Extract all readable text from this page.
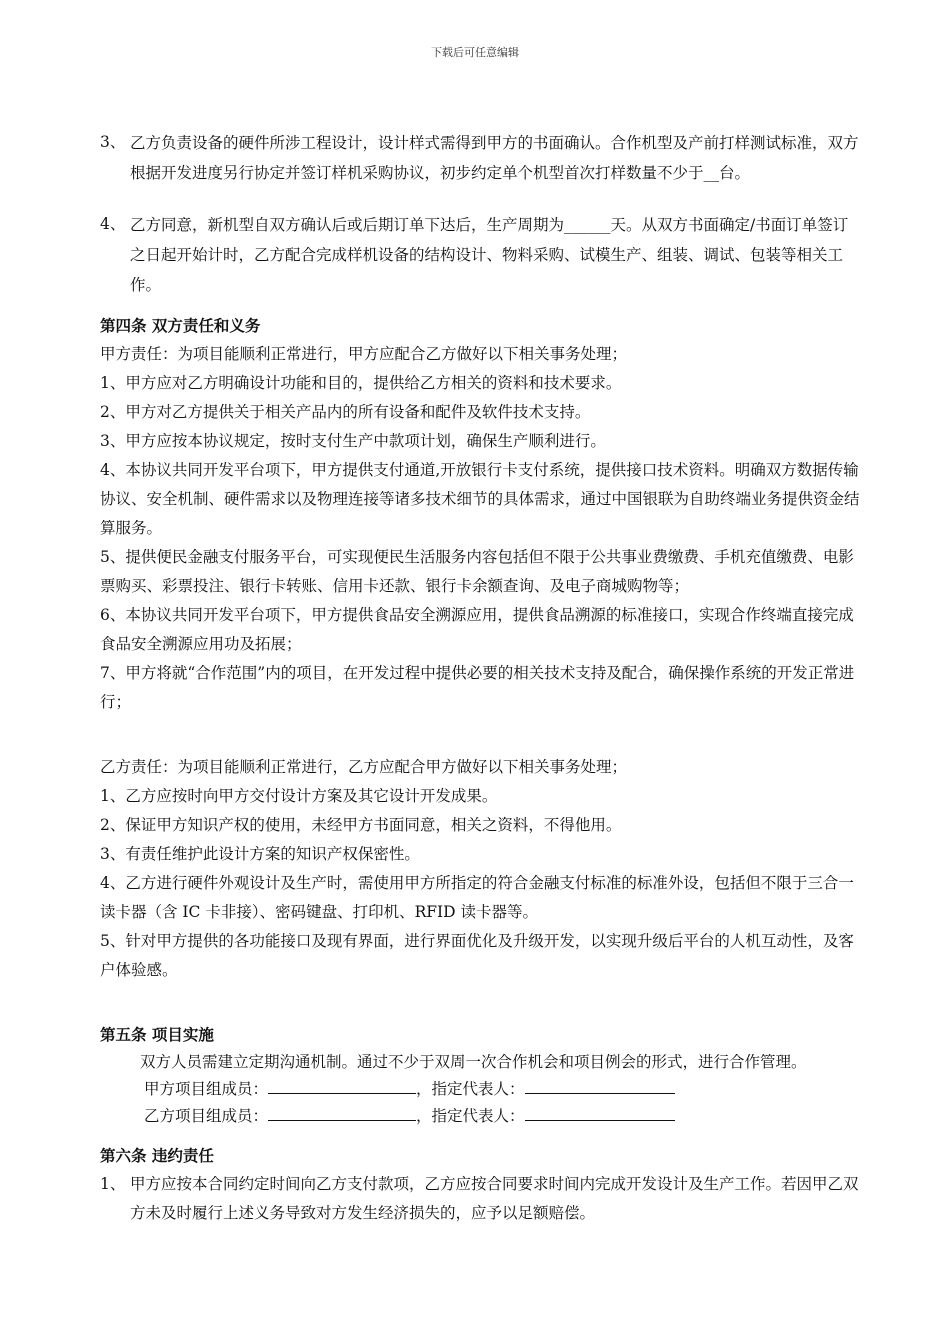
下载后可任意编辑
3、 乙方负责设备的硬件所涉工程设计，设计样式需得到甲方的书面确认。合作机型及产前打样测试标准，双方根据开发进度另行协定并签订样机采购协议，初步约定单个机型首次打样数量不少于__台。
4、 乙方同意，新机型自双方确认后或后期订单下达后，生产周期为______天。从双方书面确定/书面订单签订之日起开始计时，乙方配合完成样机设备的结构设计、物料采购、试模生产、组装、调试、包装等相关工作。
第四条 双方责任和义务
甲方责任：为项目能顺利正常进行，甲方应配合乙方做好以下相关事务处理；
1、甲方应对乙方明确设计功能和目的，提供给乙方相关的资料和技术要求。
2、甲方对乙方提供关于相关产品内的所有设备和配件及软件技术支持。
3、甲方应按本协议规定，按时支付生产中款项计划，确保生产顺利进行。
4、本协议共同开发平台项下，甲方提供支付通道,开放银行卡支付系统，提供接口技术资料。明确双方数据传输协议、安全机制、硬件需求以及物理连接等诸多技术细节的具体需求，通过中国银联为自助终端业务提供资金结算服务。
5、提供便民金融支付服务平台，可实现便民生活服务内容包括但不限于公共事业费缴费、手机充值缴费、电影票购买、彩票投注、银行卡转账、信用卡还款、银行卡余额查询、及电子商城购物等；
6、本协议共同开发平台项下，甲方提供食品安全溯源应用，提供食品溯源的标准接口，实现合作终端直接完成食品安全溯源应用功及拓展；
7、甲方将就“合作范围”内的项目，在开发过程中提供必要的相关技术支持及配合，确保操作系统的开发正常进行；
乙方责任：为项目能顺利正常进行，乙方应配合甲方做好以下相关事务处理；
1、乙方应按时向甲方交付设计方案及其它设计开发成果。
2、保证甲方知识产权的使用，未经甲方书面同意，相关之资料，不得他用。
3、有责任维护此设计方案的知识产权保密性。
4、乙方进行硬件外观设计及生产时，需使用甲方所指定的符合金融支付标准的标准外设，包括但不限于三合一读卡器（含 IC 卡非接）、密码键盘、打印机、RFID 读卡器等。
5、针对甲方提供的各功能接口及现有界面，进行界面优化及升级开发，以实现升级后平台的人机互动性，及客户体验感。
第五条 项目实施
双方人员需建立定期沟通机制。通过不少于双周一次合作机会和项目例会的形式，进行合作管理。
甲方项目组成员：	，指定代表人：
乙方项目组成员：	，指定代表人：
第六条 违约责任
1、 甲方应按本合同约定时间向乙方支付款项，乙方应按合同要求时间内完成开发设计及生产工作。若因甲乙双方未及时履行上述义务导致对方发生经济损失的，应予以足额赔偿。
